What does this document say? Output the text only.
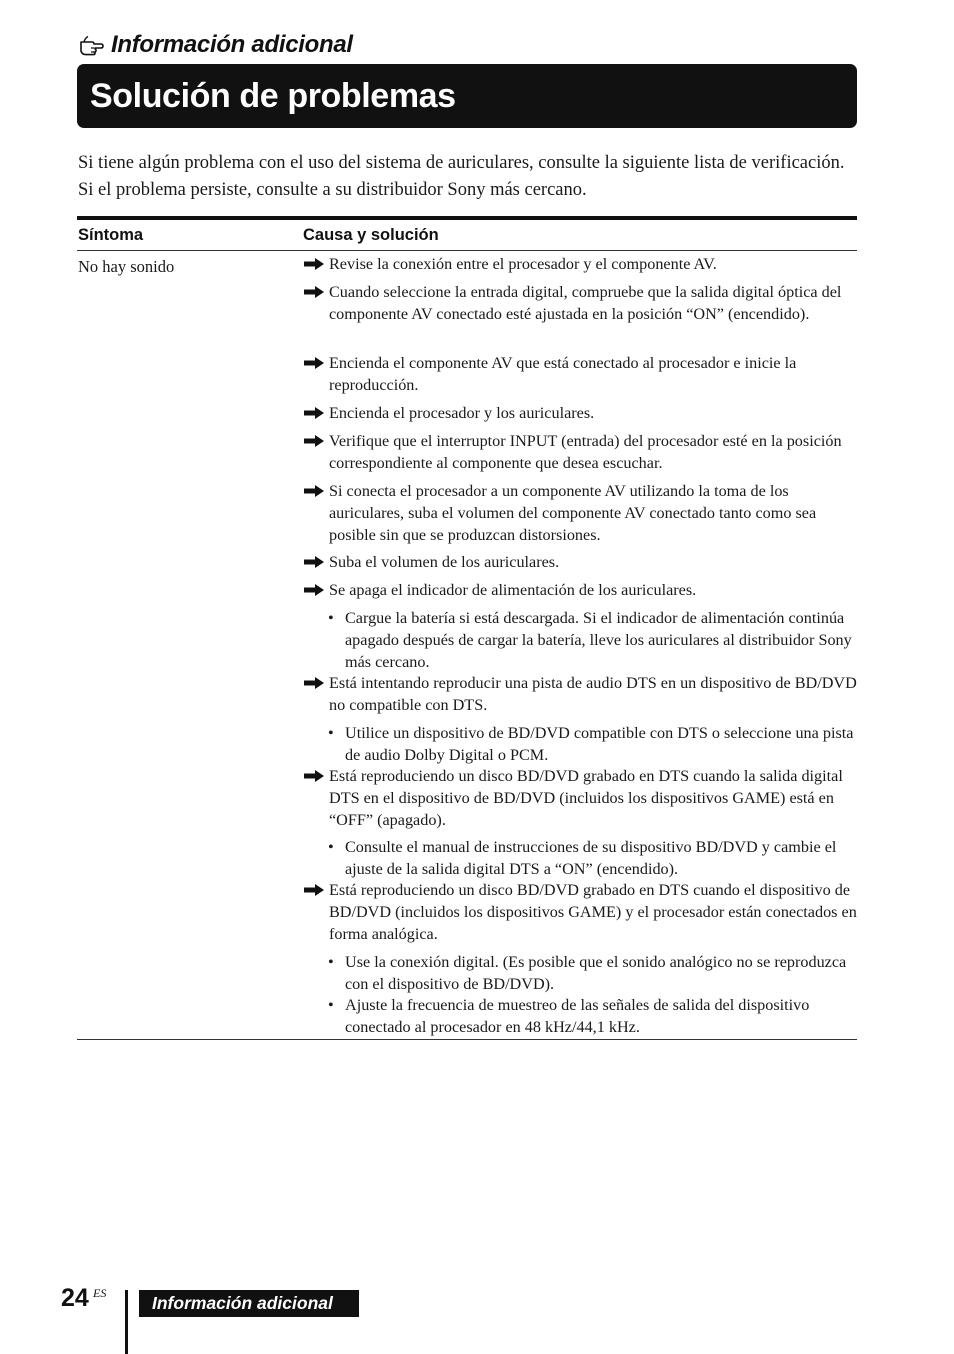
Información adicional
Solución de problemas

Si tiene algún problema con el uso del sistema de auriculares, consulte la siguiente lista de verificación. Si el problema persiste, consulte a su distribuidor Sony más cercano.

Síntoma	Causa y solución
No hay sonido	Revise la conexión entre el procesador y el componente AV.
Cuando seleccione la entrada digital, compruebe que la salida digital óptica del componente AV conectado esté ajustada en la posición “ON” (encendido).
Encienda el componente AV que está conectado al procesador e inicie la reproducción.
Encienda el procesador y los auriculares.
Verifique que el interruptor INPUT (entrada) del procesador esté en la posición correspondiente al componente que desea escuchar.
Si conecta el procesador a un componente AV utilizando la toma de los auriculares, suba el volumen del componente AV conectado tanto como sea posible sin que se produzcan distorsiones.
Suba el volumen de los auriculares.
Se apaga el indicador de alimentación de los auriculares.
• Cargue la batería si está descargada. Si el indicador de alimentación continúa apagado después de cargar la batería, lleve los auriculares al distribuidor Sony más cercano.
Está intentando reproducir una pista de audio DTS en un dispositivo de BD/DVD no compatible con DTS.
• Utilice un dispositivo de BD/DVD compatible con DTS o seleccione una pista de audio Dolby Digital o PCM.
Está reproduciendo un disco BD/DVD grabado en DTS cuando la salida digital DTS en el dispositivo de BD/DVD (incluidos los dispositivos GAME) está en “OFF” (apagado).
• Consulte el manual de instrucciones de su dispositivo BD/DVD y cambie el ajuste de la salida digital DTS a “ON” (encendido).
Está reproduciendo un disco BD/DVD grabado en DTS cuando el dispositivo de BD/DVD (incluidos los dispositivos GAME) y el procesador están conectados en forma analógica.
• Use la conexión digital. (Es posible que el sonido analógico no se reproduzca con el dispositivo de BD/DVD).
• Ajuste la frecuencia de muestreo de las señales de salida del dispositivo conectado al procesador en 48 kHz/44,1 kHz.
24 ES	Información adicional
